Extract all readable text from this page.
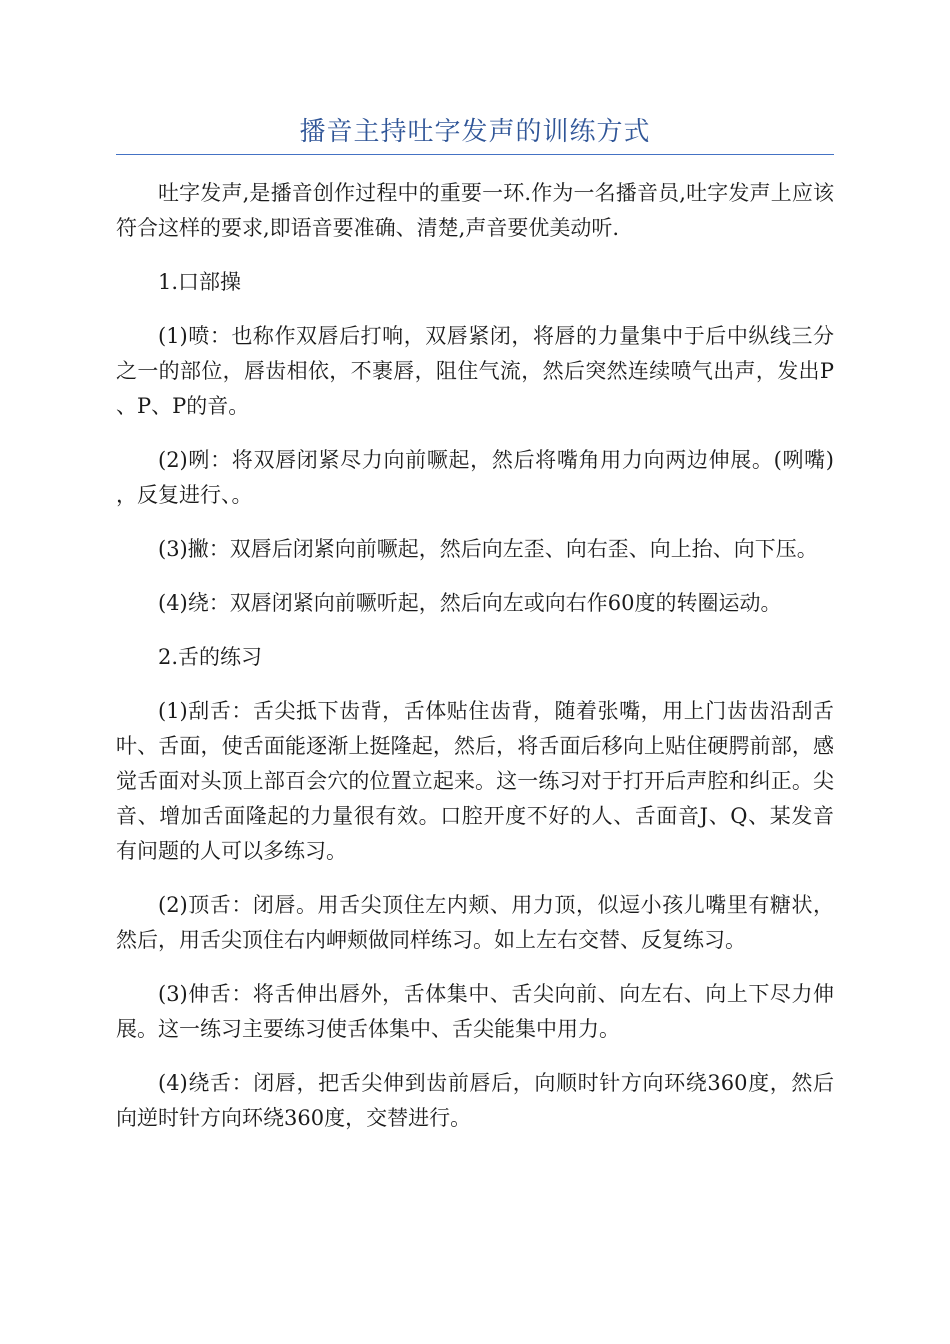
播音主持吐字发声的训练方式

吐字发声,是播音创作过程中的重要一环.作为一名播音员,吐字发声上应该符合这样的要求,即语音要准确、清楚,声音要优美动听.

1.口部操

(1)喷：也称作双唇后打响，双唇紧闭，将唇的力量集中于后中纵线三分之一的部位，唇齿相依，不裹唇，阻住气流，然后突然连续喷气出声，发出P、P、P的音。

(2)咧：将双唇闭紧尽力向前噘起，然后将嘴角用力向两边伸展。(咧嘴)，反复进行、。

(3)撇：双唇后闭紧向前噘起，然后向左歪、向右歪、向上抬、向下压。

(4)绕：双唇闭紧向前噘听起，然后向左或向右作60度的转圈运动。

2.舌的练习

(1)刮舌：舌尖抵下齿背，舌体贴住齿背，随着张嘴，用上门齿齿沿刮舌叶、舌面，使舌面能逐渐上挺隆起，然后，将舌面后移向上贴住硬腭前部，感觉舌面对头顶上部百会穴的位置立起来。这一练习对于打开后声腔和纠正。尖音、增加舌面隆起的力量很有效。口腔开度不好的人、舌面音J、Q、某发音有问题的人可以多练习。

(2)顶舌：闭唇。用舌尖顶住左内颊、用力顶，似逗小孩儿嘴里有糖状，然后，用舌尖顶住右内岬颊做同样练习。如上左右交替、反复练习。

(3)伸舌：将舌伸出唇外，舌体集中、舌尖向前、向左右、向上下尽力伸展。这一练习主要练习使舌体集中、舌尖能集中用力。

(4)绕舌：闭唇，把舌尖伸到齿前唇后，向顺时针方向环绕360度，然后向逆时针方向环绕360度，交替进行。
